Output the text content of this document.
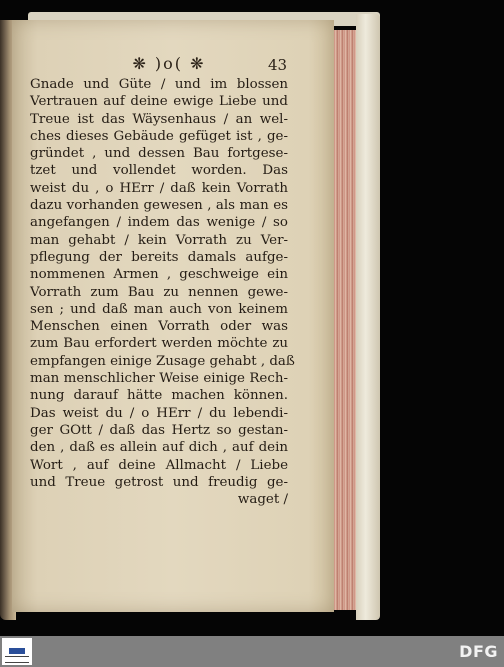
❋ )o( ❋	43
Gnade und Güte / und im blossen
Vertrauen auf deine ewige Liebe und
Treue ist das Wäysenhaus / an wel-
ches dieses Gebäude gefüget ist , ge-
gründet , und dessen Bau fortgese-
tzet und vollendet worden. Das
weist du , o HErr / daß kein Vorrath
dazu vorhanden gewesen , als man es
angefangen / indem das wenige / so
man gehabt / kein Vorrath zu Ver-
pflegung der bereits damals aufge-
nommenen Armen , geschweige ein
Vorrath zum Bau zu nennen gewe-
sen ; und daß man auch von keinem
Menschen einen Vorrath oder was
zum Bau erfordert werden möchte zu
empfangen einige Zusage gehabt , daß
man menschlicher Weise einige Rech-
nung darauf hätte machen können.
Das weist du / o HErr / du lebendi-
ger GOtt / daß das Hertz so gestan-
den , daß es allein auf dich , auf dein
Wort , auf deine Allmacht / Liebe
und Treue getrost und freudig ge-
waget /
DFG
